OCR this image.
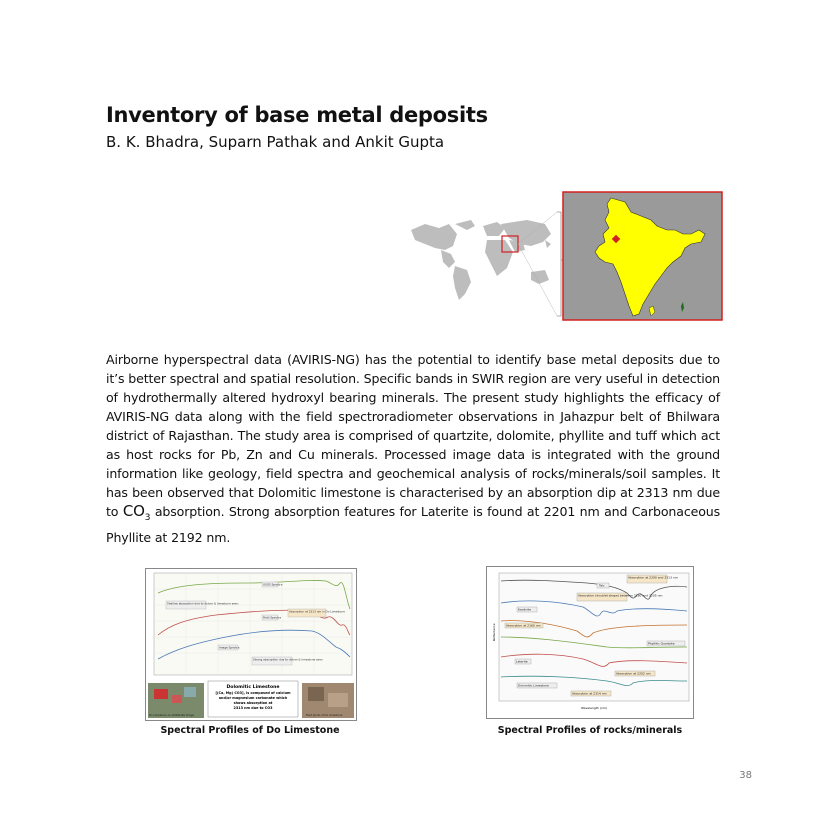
Inventory of base metal deposits

B. K. Bhadra, Suparn Pathak and Ankit Gupta

Airborne hyperspectral data (AVIRIS-NG) has the potential to identify base metal deposits due to it’s better spectral and spatial resolution. Specific bands in SWIR region are very useful in detection of hydrothermally altered hydroxyl bearing minerals. The present study highlights the efficacy of AVIRIS-NG data along with the field spectroradiometer observations in Jahazpur belt of Bhilwara district of Rajasthan. The study area is comprised of quartzite, dolomite, phyllite and tuff which act as host rocks for Pb, Zn and Cu minerals. Processed image data is integrated with the ground information like geology, field spectra and geochemical analysis of rocks/minerals/soil samples. It has been observed that Dolomitic limestone is characterised by an absorption dip at 2313 nm due to $CO_3$ absorption. Strong absorption features for Laterite is found at 2201 nm and Carbonaceous Phyllite at 2192 nm.

USGS Spectra
Shallow absorption due to dolom & limestone seen
Absorption at 2313 nm in Do Limestone
Field Spectra
Image Spectra
Strong absorption due to dolom & limestone seen
Dolomitic Limestone
[(Ca, Mg) CO3], is composed of calcium
and/or magnesium carbonate which
shows absorption at
2313 nm due to CO3
Do Limestone on AVIRIS-NG Image	Field photo of Do Limestone

Spectral Profiles of Do Limestone

Talc
Absorption at 2290 and 2313 nm
Absorption (doublet shape) between 2160 and 2205 nm
Kaolinite
Absorption at 2160 nm
Phyllitic Quartzite
Laterite
Absorption at 2202 nm
Dolomitic Limestone
Absorption at 2314 nm
Reflectance
Wavelength (nm)

Spectral Profiles of rocks/minerals

38
